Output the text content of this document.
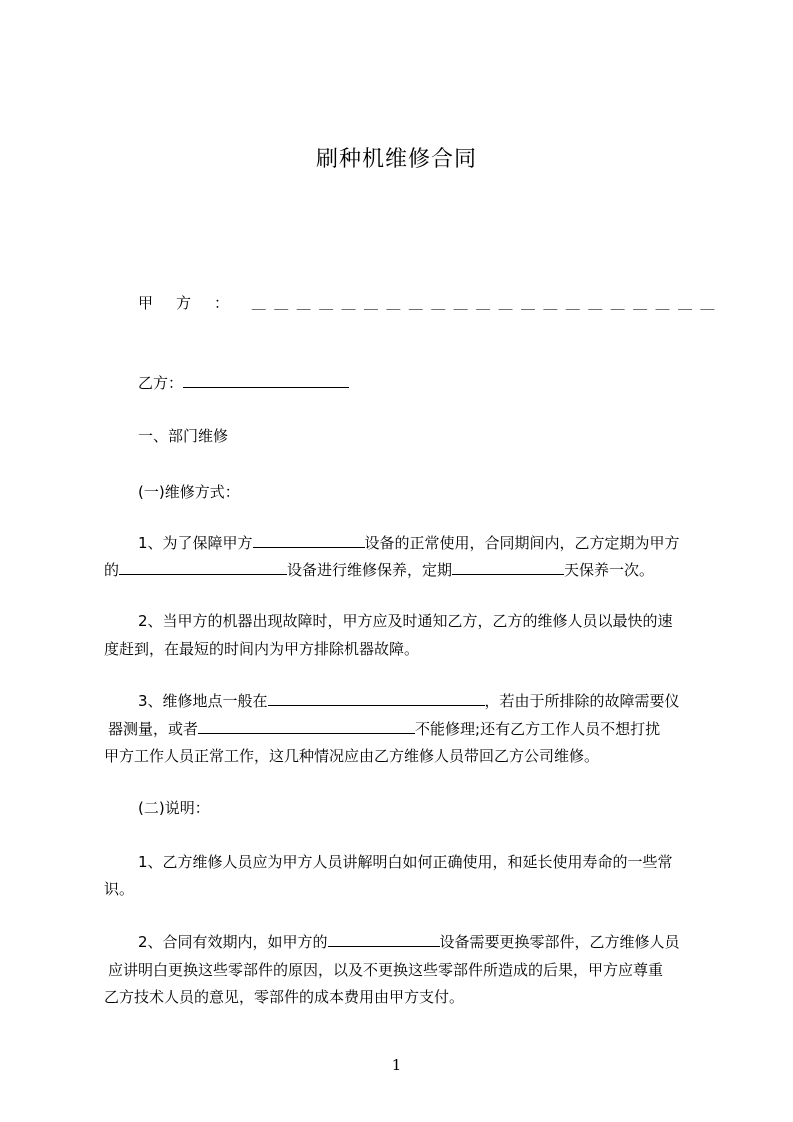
刷种机维修合同
甲　方　： ＿ ＿ ＿ ＿ ＿ ＿ ＿ ＿ ＿ ＿ ＿ ＿ ＿ ＿ ＿ ＿ ＿ ＿ ＿ ＿ ＿
乙方：
一、部门维修
(一)维修方式：
1、为了保障甲方	设备的正常使用，合同期间内，乙方定期为甲方
的	设备进行维修保养，定期	天保养一次。
2、当甲方的机器出现故障时，甲方应及时通知乙方，乙方的维修人员以最快的速
度赶到，在最短的时间内为甲方排除机器故障。
3、维修地点一般在	，若由于所排除的故障需要仪
器测量，或者	不能修理;还有乙方工作人员不想打扰
甲方工作人员正常工作，这几种情况应由乙方维修人员带回乙方公司维修。
(二)说明：
1、乙方维修人员应为甲方人员讲解明白如何正确使用，和延长使用寿命的一些常
识。
2、合同有效期内，如甲方的	设备需要更换零部件，乙方维修人员
应讲明白更换这些零部件的原因，以及不更换这些零部件所造成的后果，甲方应尊重
乙方技术人员的意见，零部件的成本费用由甲方支付。
1
